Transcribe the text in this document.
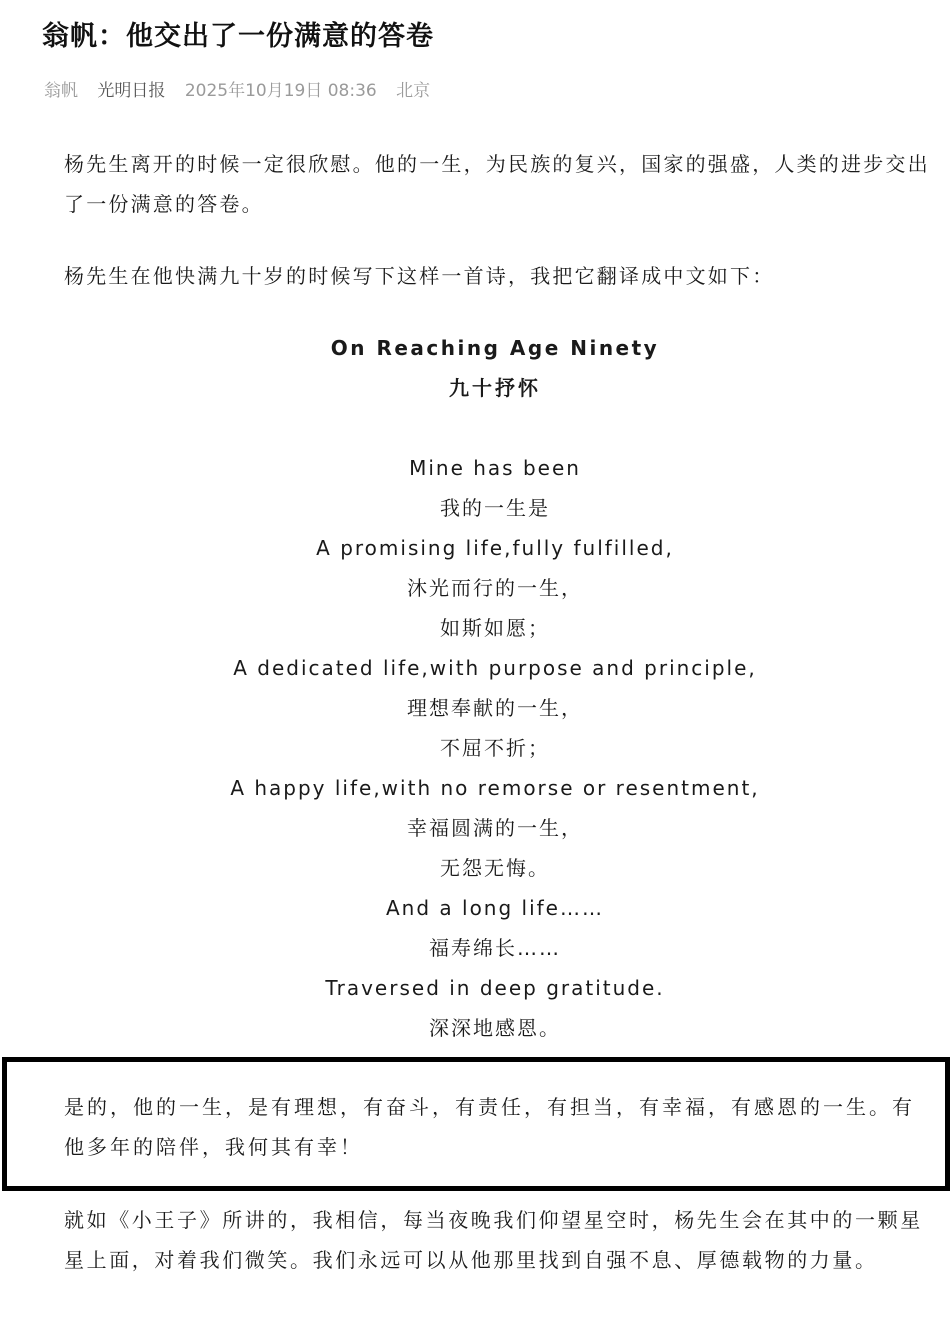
翁帆：他交出了一份满意的答卷
翁帆 光明日报 2025年10月19日 08:36 北京
杨先生离开的时候一定很欣慰。他的一生，为民族的复兴，国家的强盛，人类的进步交出了一份满意的答卷。
杨先生在他快满九十岁的时候写下这样一首诗，我把它翻译成中文如下：
On Reaching Age Ninety
九十抒怀
Mine has been
我的一生是
A promising life,fully fulfilled,
沐光而行的一生，
如斯如愿；
A dedicated life,with purpose and principle,
理想奉献的一生，
不屈不折；
A happy life,with no remorse or resentment,
幸福圆满的一生，
无怨无悔。
And a long life……
福寿绵长……
Traversed in deep gratitude.
深深地感恩。
是的，他的一生，是有理想，有奋斗，有责任，有担当，有幸福，有感恩的一生。有他多年的陪伴，我何其有幸！
就如《小王子》所讲的，我相信，每当夜晚我们仰望星空时，杨先生会在其中的一颗星星上面，对着我们微笑。我们永远可以从他那里找到自强不息、厚德载物的力量。
